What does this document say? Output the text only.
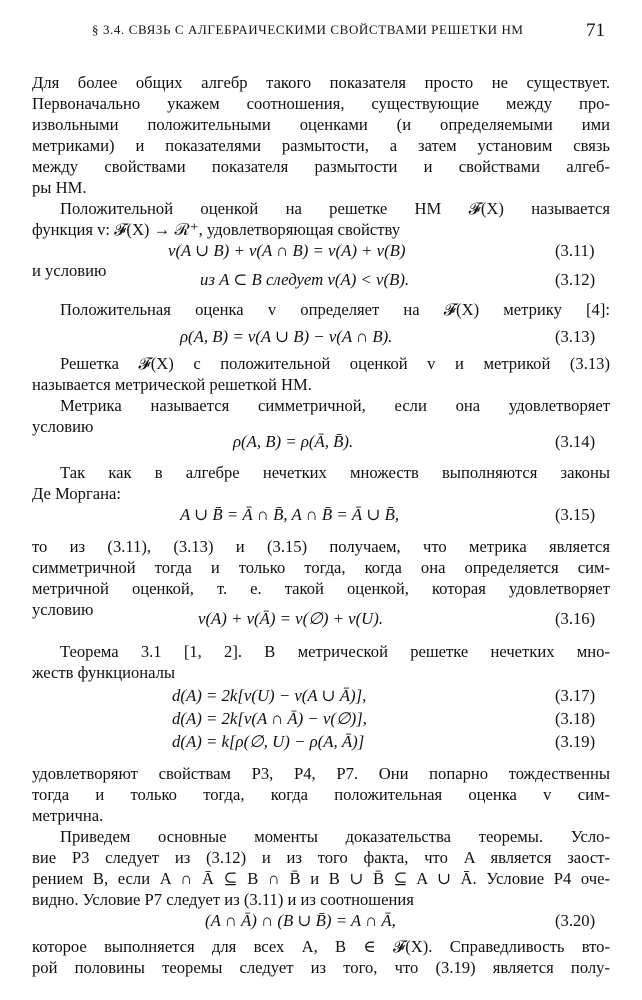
§ 3.4. СВЯЗЬ С АЛГЕБРАИЧЕСКИМИ СВОЙСТВАМИ РЕШЕТКИ НМ	71
Для более общих алгебр такого показателя просто не существует.
Первоначально укажем соотношения, существующие между про-
извольными положительными оценками (и определяемыми ими
метриками) и показателями размытости, а затем установим связь
между свойствами показателя размытости и свойствами алгеб-
ры НМ.
Положительной оценкой на решетке НМ 𝓕(X) называется
функция v: 𝓕(X) → ℛ⁺, удовлетворяющая свойству
v(A ∪ B) + v(A ∩ B) = v(A) + v(B)	(3.11)
и условию	из A ⊂ B следует v(A) < v(B).	(3.12)
Положительная оценка v определяет на 𝓕(X) метрику [4]:
ρ(A, B) = v(A ∪ B) − v(A ∩ B).	(3.13)
Решетка 𝓕(X) с положительной оценкой v и метрикой (3.13)
называется метрической решеткой НМ.
Метрика называется симметричной, если она удовлетворяет
условию
ρ(A, B) = ρ(Ā, B̄).	(3.14)
Так как в алгебре нечетких множеств выполняются законы
Де Моргана:
A ∪ B̄ = Ā ∩ B̄, A ∩ B̄ = Ā ∪ B̄,	(3.15)
то из (3.11), (3.13) и (3.15) получаем, что метрика является
симметричной тогда и только тогда, когда она определяется сим-
метричной оценкой, т. е. такой оценкой, которая удовлетворяет
условию	v(A) + v(Ā) = v(∅) + v(U).	(3.16)
Теорема 3.1 [1, 2]. В метрической решетке нечетких мно-
жеств функционалы
d(A) = 2k[v(U) − v(A ∪ Ā)],	(3.17)
d(A) = 2k[v(A ∩ Ā) − v(∅)],	(3.18)
d(A) = k[ρ(∅, U) − ρ(A, Ā)]	(3.19)
удовлетворяют свойствам P3, P4, P7. Они попарно тождественны
тогда и только тогда, когда положительная оценка v сим-
метрична.
Приведем основные моменты доказательства теоремы. Усло-
вие P3 следует из (3.12) и из того факта, что A является заост-
рением B, если A ∩ Ā ⊆ B ∩ B̄ и B ∪ B̄ ⊆ A ∪ Ā. Условие P4 оче-
видно. Условие P7 следует из (3.11) и из соотношения
(A ∩ Ā) ∩ (B ∪ B̄) = A ∩ Ā,	(3.20)
которое выполняется для всех A, B ∈ 𝓕(X). Справедливость вто-
рой половины теоремы следует из того, что (3.19) является полу-
